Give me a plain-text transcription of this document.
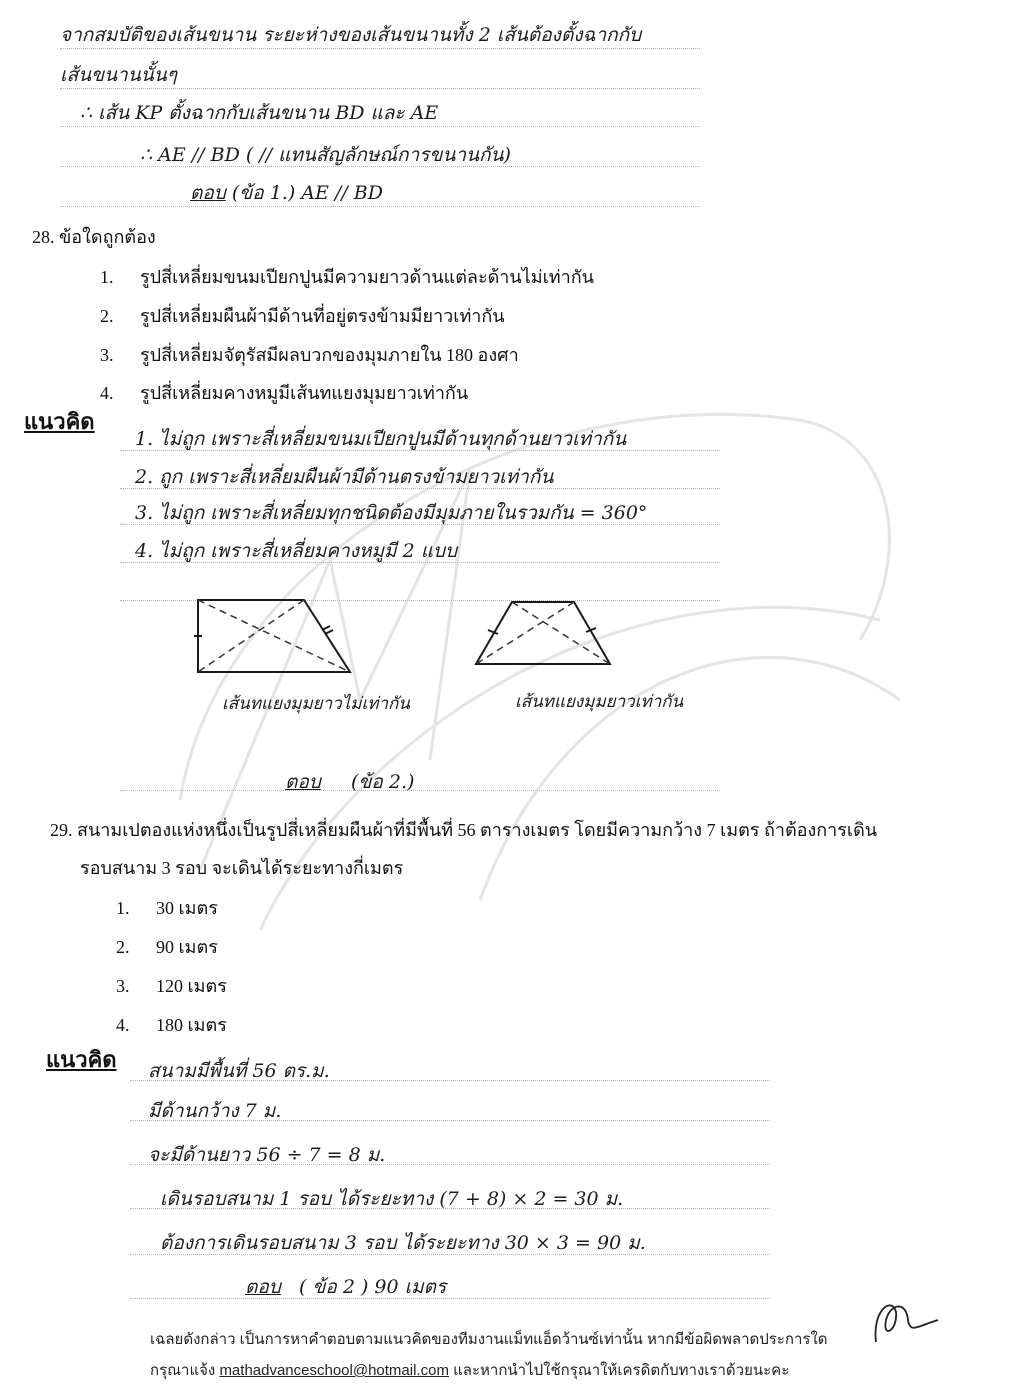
จากสมบัติของเส้นขนาน ระยะห่างของเส้นขนานทั้ง 2 เส้นต้องตั้งฉากกับ
เส้นขนานนั้นๆ
∴ เส้น KP ตั้งฉากกับเส้นขนาน BD และ AE
∴ AE // BD ( // แทนสัญลักษณ์การขนานกัน)
ตอบ (ข้อ 1.) AE // BD
28. ข้อใดถูกต้อง
1. รูปสี่เหลี่ยมขนมเปียกปูนมีความยาวด้านแต่ละด้านไม่เท่ากัน
2. รูปสี่เหลี่ยมผืนผ้ามีด้านที่อยู่ตรงข้ามมียาวเท่ากัน
3. รูปสี่เหลี่ยมจัตุรัสมีผลบวกของมุมภายใน 180 องศา
4. รูปสี่เหลี่ยมคางหมูมีเส้นทแยงมุมยาวเท่ากัน
แนวคิด
1. ไม่ถูก เพราะสี่เหลี่ยมขนมเปียกปูนมีด้านทุกด้านยาวเท่ากัน
2. ถูก เพราะสี่เหลี่ยมผืนผ้ามีด้านตรงข้ามยาวเท่ากัน
3. ไม่ถูก เพราะสี่เหลี่ยมทุกชนิดต้องมีมุมภายในรวมกัน = 360°
4. ไม่ถูก เพราะสี่เหลี่ยมคางหมูมี 2 แบบ
เส้นทแยงมุมยาวไม่เท่ากัน	เส้นทแยงมุมยาวเท่ากัน
ตอบ (ข้อ 2.)
29. สนามเปตองแห่งหนึ่งเป็นรูปสี่เหลี่ยมผืนผ้าที่มีพื้นที่ 56 ตารางเมตร โดยมีความกว้าง 7 เมตร ถ้าต้องการเดิน
รอบสนาม 3 รอบ จะเดินได้ระยะทางกี่เมตร
1. 30 เมตร
2. 90 เมตร
3. 120 เมตร
4. 180 เมตร
แนวคิด สนามมีพื้นที่ 56 ตร.ม.
มีด้านกว้าง 7 ม.
จะมีด้านยาว 56 ÷ 7 = 8 ม.
เดินรอบสนาม 1 รอบ ได้ระยะทาง (7 + 8) × 2 = 30 ม.
ต้องการเดินรอบสนาม 3 รอบ ได้ระยะทาง 30 × 3 = 90 ม.
ตอบ ( ข้อ 2 ) 90 เมตร
เฉลยดังกล่าว เป็นการหาคำตอบตามแนวคิดของทีมงานแม็ทแอ็ดว้านซ์เท่านั้น หากมีข้อผิดพลาดประการใด
กรุณาแจ้ง mathadvanceschool@hotmail.com และหากนำไปใช้กรุณาให้เครดิตกับทางเราด้วยนะคะ
